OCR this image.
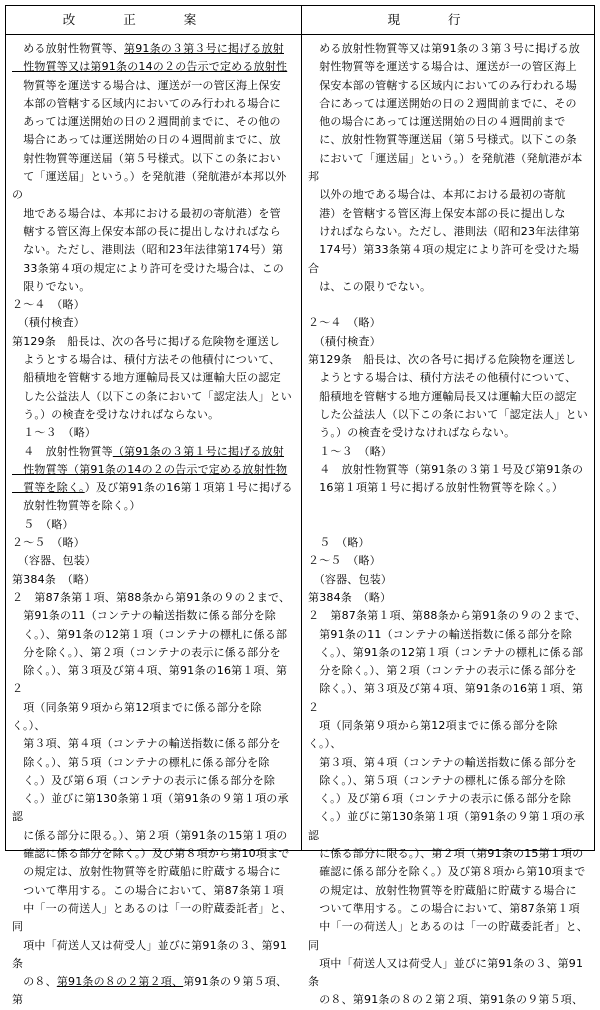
改正案	現行

　める放射性物質等、第91条の３第３号に掲げる放射

　性物質等又は第91条の14の２の告示で定める放射性

　物質等を運送する場合は、運送が一の管区海上保安

　本部の管轄する区域内においてのみ行われる場合に

　あっては運送開始の日の２週間前までに、その他の

　場合にあっては運送開始の日の４週間前までに、放

　射性物質等運送届（第５号様式。以下この条におい

　て「運送届」という。）を発航港（発航港が本邦以外の

　地である場合は、本邦における最初の寄航港）を管

　轄する管区海上保安本部の長に提出しなければなら

　ない。ただし、港則法（昭和23年法律第174号）第

　33条第４項の規定により許可を受けた場合は、この

　限りでない。

２～４　（略）

　（積付検査）

第129条　船長は、次の各号に掲げる危険物を運送し

　ようとする場合は、積付方法その他積付について、

　船積地を管轄する地方運輸局長又は運輸大臣の認定

　した公益法人（以下この条において「認定法人」とい

　う。）の検査を受けなければならない。

　１～３　（略）

　４　放射性物質等（第91条の３第１号に掲げる放射

　性物質等（第91条の14の２の告示で定める放射性物

　質等を除く。）及び第91条の16第１項第１号に掲げる

　放射性物質等を除く。）

　５　（略）

２～５　（略）

　（容器、包装）

第384条　（略）

２　第87条第１項、第88条から第91条の９の２まで、

　第91条の11（コンテナの輸送指数に係る部分を除

　く。）、第91条の12第１項（コンテナの標札に係る部

　分を除く。）、第２項（コンテナの表示に係る部分を

　除く。）、第３項及び第４項、第91条の16第１項、第２

　項（同条第９項から第12項までに係る部分を除く。）、

　第３項、第４項（コンテナの輸送指数に係る部分を

　除く。）、第５項（コンテナの標札に係る部分を除

　く。）及び第６項（コンテナの表示に係る部分を除

　く。）並びに第130条第１項（第91条の９第１項の承認

　に係る部分に限る。）、第２項（第91条の15第１項の

　確認に係る部分を除く。）及び第８項から第10項まで

　の規定は、放射性物質等を貯蔵船に貯蔵する場合に

　ついて準用する。この場合において、第87条第１項

　中「一の荷送人」とあるのは「一の貯蔵委託者」と、同

　項中「荷送人又は荷受人」並びに第91条の３、第91条

　の８、第91条の８の２第２項、第91条の９第５項、第

　める放射性物質等又は第91条の３第３号に掲げる放

　射性物質等を運送する場合は、運送が一の管区海上

　保安本部の管轄する区域内においてのみ行われる場

　合にあっては運送開始の日の２週間前までに、その

　他の場合にあっては運送開始の日の４週間前まで

　に、放射性物質等運送届（第５号様式。以下この条

　において「運送届」という。）を発航港（発航港が本邦

　以外の地である場合は、本邦における最初の寄航

　港）を管轄する管区海上保安本部の長に提出しな

　ければならない。ただし、港則法（昭和23年法律第

　174号）第33条第４項の規定により許可を受けた場合

　は、この限りでない。

２～４　（略）

　（積付検査）

第129条　船長は、次の各号に掲げる危険物を運送し

　ようとする場合は、積付方法その他積付について、

　船積地を管轄する地方運輸局長又は運輸大臣の認定

　した公益法人（以下この条において「認定法人」とい

　う。）の検査を受けなければならない。

　１～３　（略）

　４　放射性物質等（第91条の３第１号及び第91条の

　16第１項第１号に掲げる放射性物質等を除く。）

　５　（略）

２～５　（略）

　（容器、包装）

第384条　（略）

２　第87条第１項、第88条から第91条の９の２まで、

　第91条の11（コンテナの輸送指数に係る部分を除

　く。）、第91条の12第１項（コンテナの標札に係る部

　分を除く。）、第２項（コンテナの表示に係る部分を

　除く。）、第３項及び第４項、第91条の16第１項、第２

　項（同条第９項から第12項までに係る部分を除く。）、

　第３項、第４項（コンテナの輸送指数に係る部分を

　除く。）、第５項（コンテナの標札に係る部分を除

　く。）及び第６項（コンテナの表示に係る部分を除

　く。）並びに第130条第１項（第91条の９第１項の承認

　に係る部分に限る。）、第２項（第91条の15第１項の

　確認に係る部分を除く。）及び第８項から第10項まで

　の規定は、放射性物質等を貯蔵船に貯蔵する場合に

　ついて準用する。この場合において、第87条第１項

　中「一の荷送人」とあるのは「一の貯蔵委託者」と、同

　項中「荷送人又は荷受人」並びに第91条の３、第91条

　の８、第91条の８の２第２項、第91条の９第５項、
